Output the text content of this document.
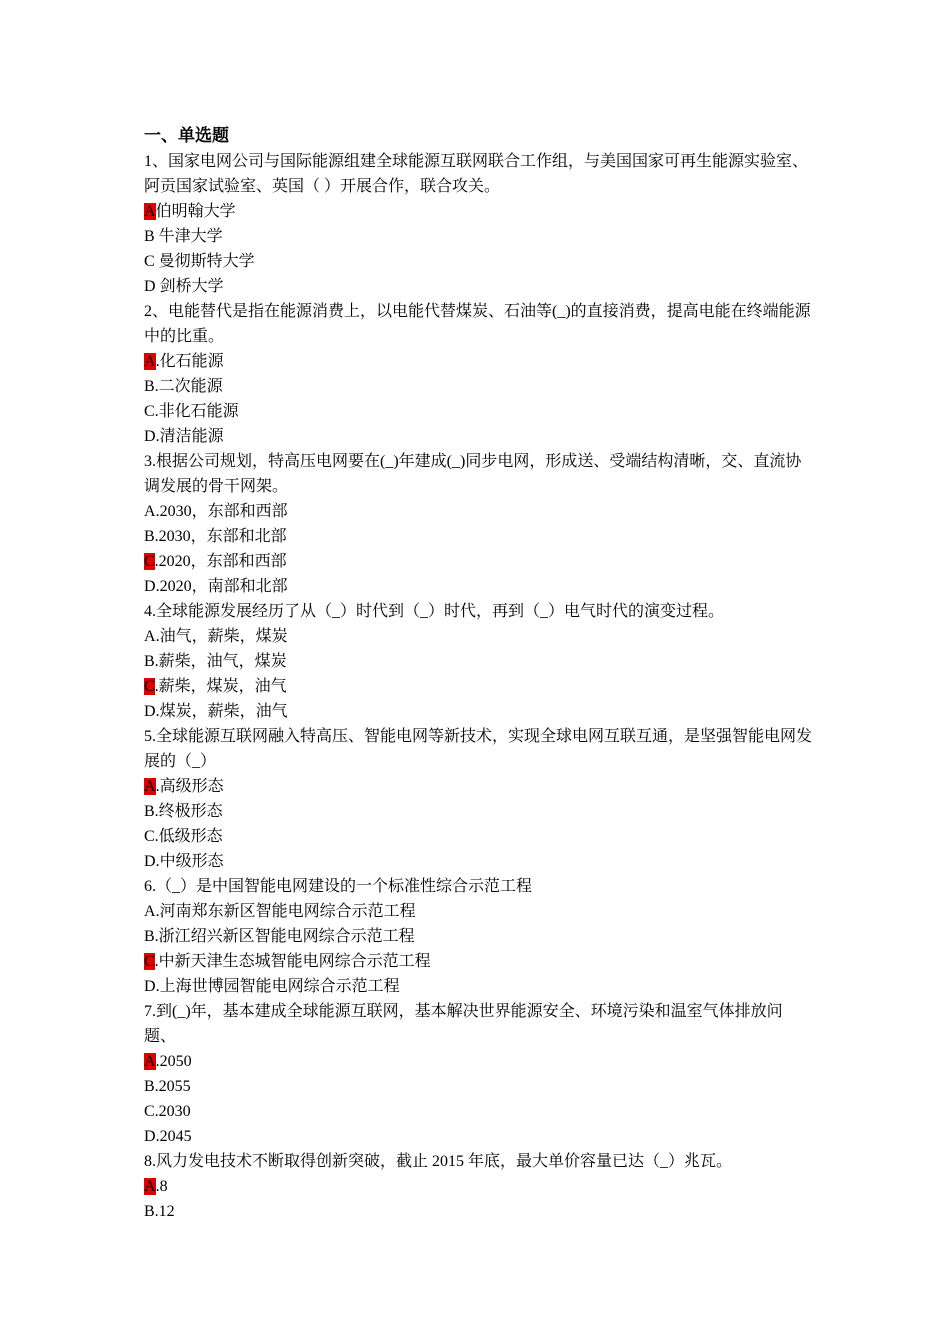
一、单选题
1、国家电网公司与国际能源组建全球能源互联网联合工作组，与美国国家可再生能源实验室、阿贡国家试验室、英国（ ）开展合作，联合攻关。
A伯明翰大学
B 牛津大学
C 曼彻斯特大学
D 剑桥大学
2、电能替代是指在能源消费上，以电能代替煤炭、石油等(_)的直接消费，提高电能在终端能源中的比重。
A.化石能源
B.二次能源
C.非化石能源
D.清洁能源
3.根据公司规划，特高压电网要在(_)年建成(_)同步电网，形成送、受端结构清晰，交、直流协调发展的骨干网架。
A.2030，东部和西部
B.2030，东部和北部
C.2020，东部和西部
D.2020，南部和北部
4.全球能源发展经历了从（_）时代到（_）时代，再到（_）电气时代的演变过程。
A.油气，薪柴，煤炭
B.薪柴，油气，煤炭
C.薪柴，煤炭，油气
D.煤炭，薪柴，油气
5.全球能源互联网融入特高压、智能电网等新技术，实现全球电网互联互通，是坚强智能电网发展的（_）
A.高级形态
B.终极形态
C.低级形态
D.中级形态
6.（_）是中国智能电网建设的一个标准性综合示范工程
A.河南郑东新区智能电网综合示范工程
B.浙江绍兴新区智能电网综合示范工程
C.中新天津生态城智能电网综合示范工程
D.上海世博园智能电网综合示范工程
7.到(_)年，基本建成全球能源互联网，基本解决世界能源安全、环境污染和温室气体排放问题、
A.2050
B.2055
C.2030
D.2045
8.风力发电技术不断取得创新突破，截止 2015 年底，最大单价容量已达（_）兆瓦。
A.8
B.12
